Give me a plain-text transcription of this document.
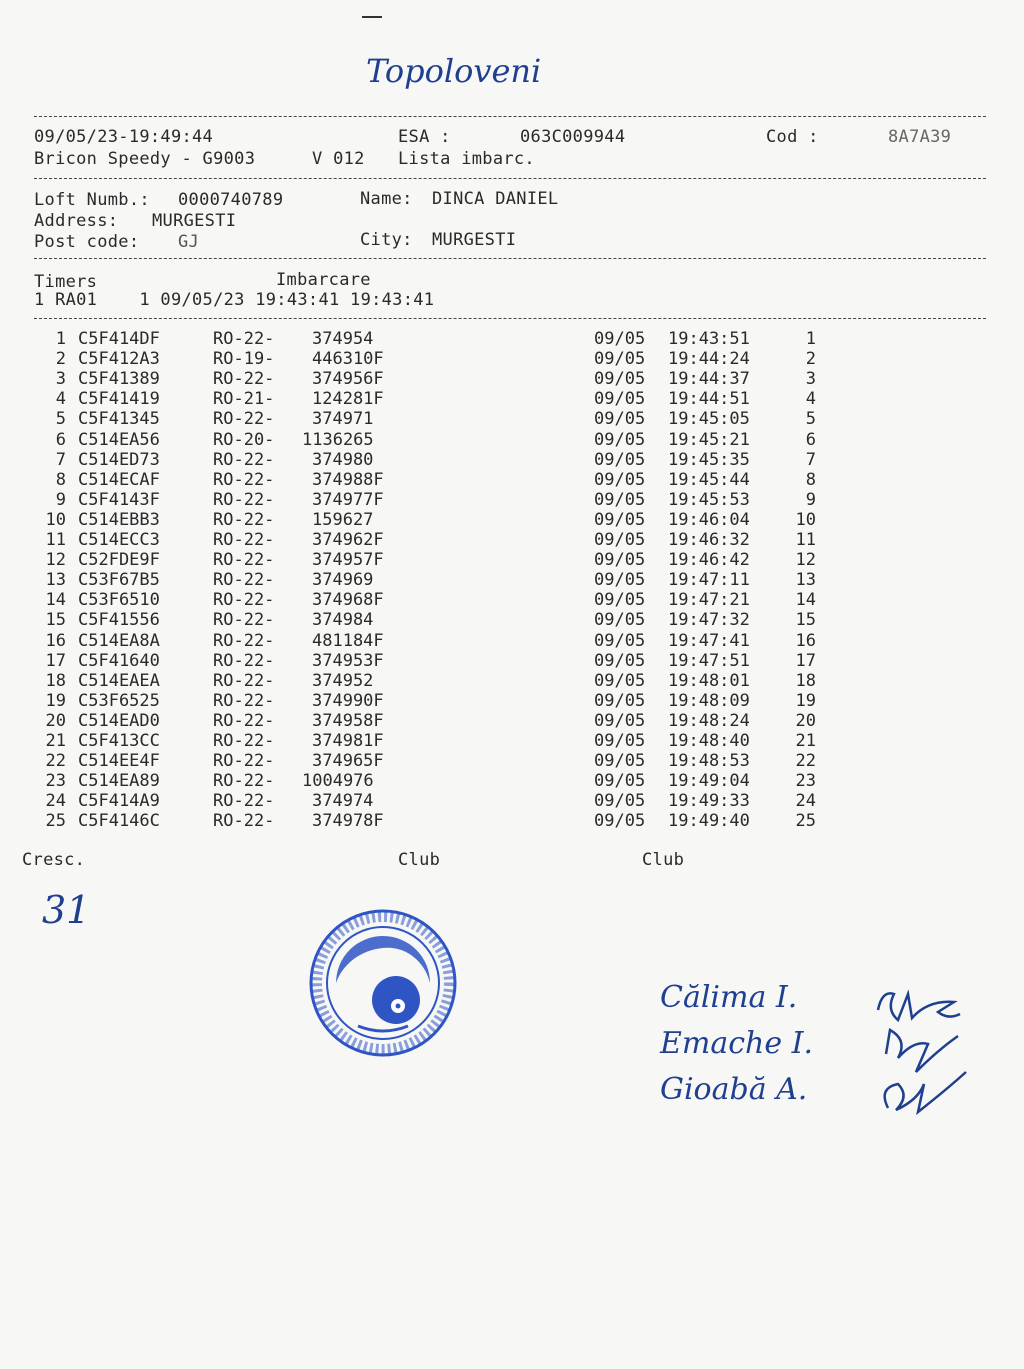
Topoloveni
09/05/23-19:49:44	ESA :	063C009944	Cod :	8A7A39
Bricon Speedy - G9003	V 012 Lista imbarc.
Loft Numb.: 0000740789	Name: DINCA DANIEL
Address: MURGESTI
Post code: GJ	City: MURGESTI
Timers	Imbarcare
1 RA01    1 09/05/23 19:43:41 19:43:41
1 C5F414DF	RO-22- 374954	09/05 19:43:51	1
2 C5F412A3	RO-19- 446310F	09/05 19:44:24	2
3 C5F41389	RO-22- 374956F	09/05 19:44:37	3
4 C5F41419	RO-21- 124281F	09/05 19:44:51	4
5 C5F41345	RO-22- 374971	09/05 19:45:05	5
6 C514EA56	RO-20- 1136265	09/05 19:45:21	6
7 C514ED73	RO-22- 374980	09/05 19:45:35	7
8 C514ECAF	RO-22- 374988F	09/05 19:45:44	8
9 C5F4143F	RO-22- 374977F	09/05 19:45:53	9
10 C514EBB3	RO-22- 159627	09/05 19:46:04	10
11 C514ECC3	RO-22- 374962F	09/05 19:46:32	11
12 C52FDE9F	RO-22- 374957F	09/05 19:46:42	12
13 C53F67B5	RO-22- 374969	09/05 19:47:11	13
14 C53F6510	RO-22- 374968F	09/05 19:47:21	14
15 C5F41556	RO-22- 374984	09/05 19:47:32	15
16 C514EA8A	RO-22- 481184F	09/05 19:47:41	16
17 C5F41640	RO-22- 374953F	09/05 19:47:51	17
18 C514EAEA	RO-22- 374952	09/05 19:48:01	18
19 C53F6525	RO-22- 374990F	09/05 19:48:09	19
20 C514EAD0	RO-22- 374958F	09/05 19:48:24	20
21 C5F413CC	RO-22- 374981F	09/05 19:48:40	21
22 C514EE4F	RO-22- 374965F	09/05 19:48:53	22
23 C514EA89	RO-22- 1004976	09/05 19:49:04	23
24 C5F414A9	RO-22- 374974	09/05 19:49:33	24
25 C5F4146C	RO-22- 374978F	09/05 19:49:40	25
Cresc.	Club	Club
31
Călima I.
Emache I.
Gioabă A.
